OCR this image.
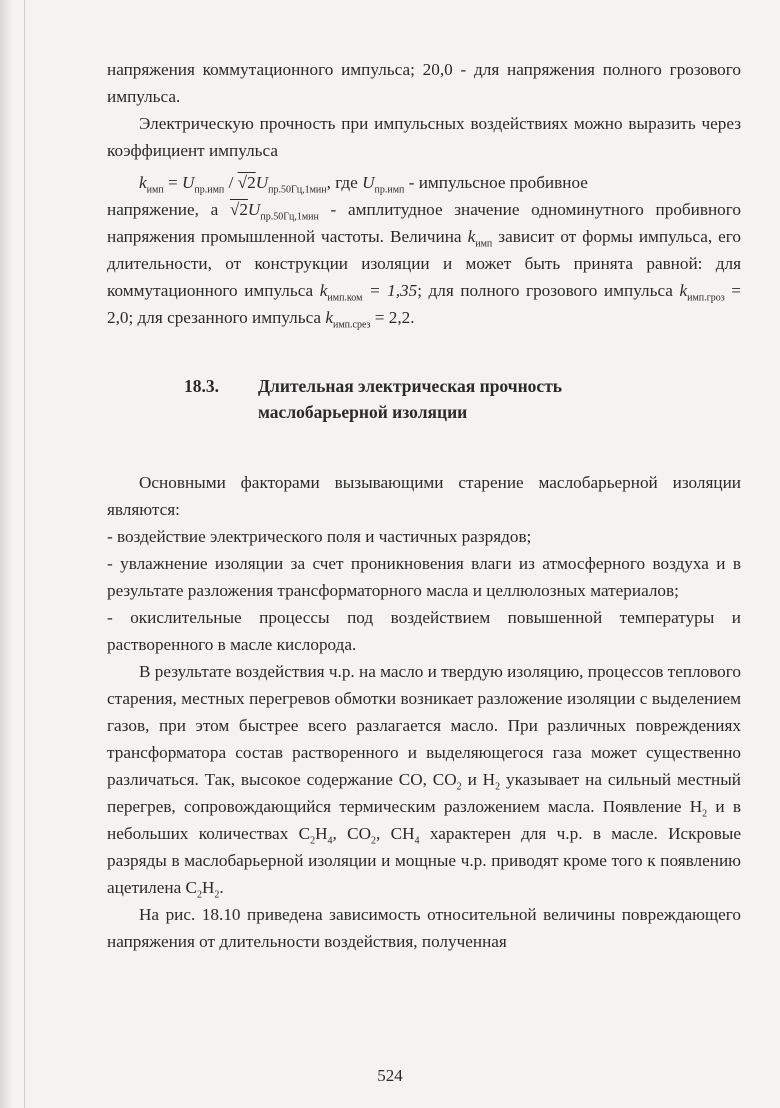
напряжения коммутационного импульса; 20,0 - для напряжения полного грозового импульса.

Электрическую прочность при импульсных воздействиях можно выразить через коэффициент импульса

$k_{имп} = U_{пр.имп} / √2U_{пр.50Гц,1мин}$, где $U_{пр.имп}$ - импульсное пробивное

напряжение, а $√2U_{пр.50Гц,1мин}$ - амплитудное значение одноминутного пробивного напряжения промышленной частоты. Величина $k_{имп}$ зависит от формы импульса, его длительности, от конструкции изоляции и может быть принята равной: для коммутационного импульса $k_{имп.ком} = 1,35$; для полного грозового импульса $k_{имп.гроз} = 2,0$; для срезанного импульса $k_{имп.срез} = 2,2$.

18.3.	Длительная электрическая прочность маслобарьерной изоляции

Основными факторами вызывающими старение маслобарьерной изоляции являются:

- воздействие электрического поля и частичных разрядов;

- увлажнение изоляции за счет проникновения влаги из атмосферного воздуха и в результате разложения трансформаторного масла и целлюлозных материалов;

- окислительные процессы под воздействием повышенной температуры и растворенного в масле кислорода.

В результате воздействия ч.р. на масло и твердую изоляцию, процессов теплового старения, местных перегревов обмотки возникает разложение изоляции с выделением газов, при этом быстрее всего разлагается масло. При различных повреждениях трансформатора состав растворенного и выделяющегося газа может существенно различаться. Так, высокое содержание CO, $CO_2$ и $H_2$ указывает на сильный местный перегрев, сопровождающийся термическим разложением масла. Появление $H_2$ и в небольших количествах $C_2H_4$, $CO_2$, $CH_4$ характерен для ч.р. в масле. Искровые разряды в маслобарьерной изоляции и мощные ч.р. приводят кроме того к появлению ацетилена $C_2H_2$.

На рис. 18.10 приведена зависимость относительной величины повреждающего напряжения от длительности воздействия, полученная

524
